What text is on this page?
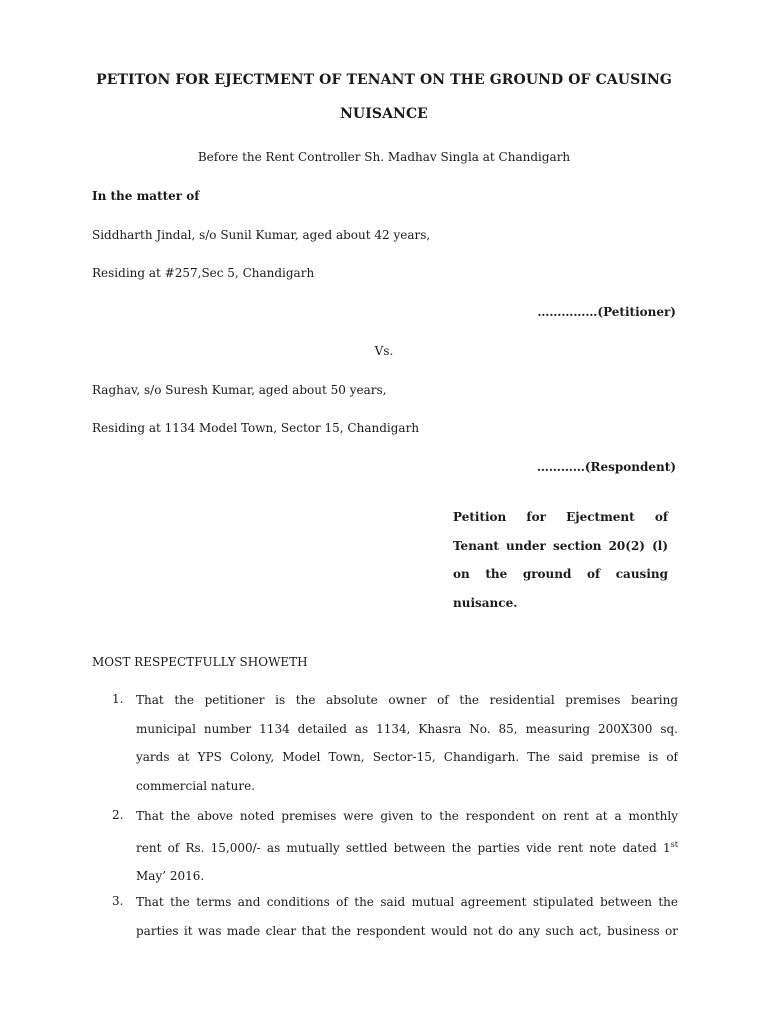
PETITON FOR EJECTMENT OF TENANT ON THE GROUND OF CAUSING
NUISANCE
Before the Rent Controller Sh. Madhav Singla at Chandigarh
In the matter of
Siddharth Jindal, s/o Sunil Kumar, aged about 42 years,
Residing at #257,Sec 5, Chandigarh
……………(Petitioner)
Vs.
Raghav, s/o Suresh Kumar, aged about 50 years,
Residing at 1134 Model Town, Sector 15, Chandigarh
…………(Respondent)
Petition for Ejectment of
Tenant under section 20(2) (l)
on the ground of causing
nuisance.
MOST RESPECTFULLY SHOWETH
1. That the petitioner is the absolute owner of the residential premises bearing
municipal number 1134 detailed as 1134, Khasra No. 85, measuring 200X300 sq.
yards at YPS Colony, Model Town, Sector-15, Chandigarh. The said premise is of
commercial nature.
2. That the above noted premises were given to the respondent on rent at a monthly
rent of Rs. 15,000/- as mutually settled between the parties vide rent note dated 1st
May’ 2016.
3. That the terms and conditions of the said mutual agreement stipulated between the
parties it was made clear that the respondent would not do any such act, business or
